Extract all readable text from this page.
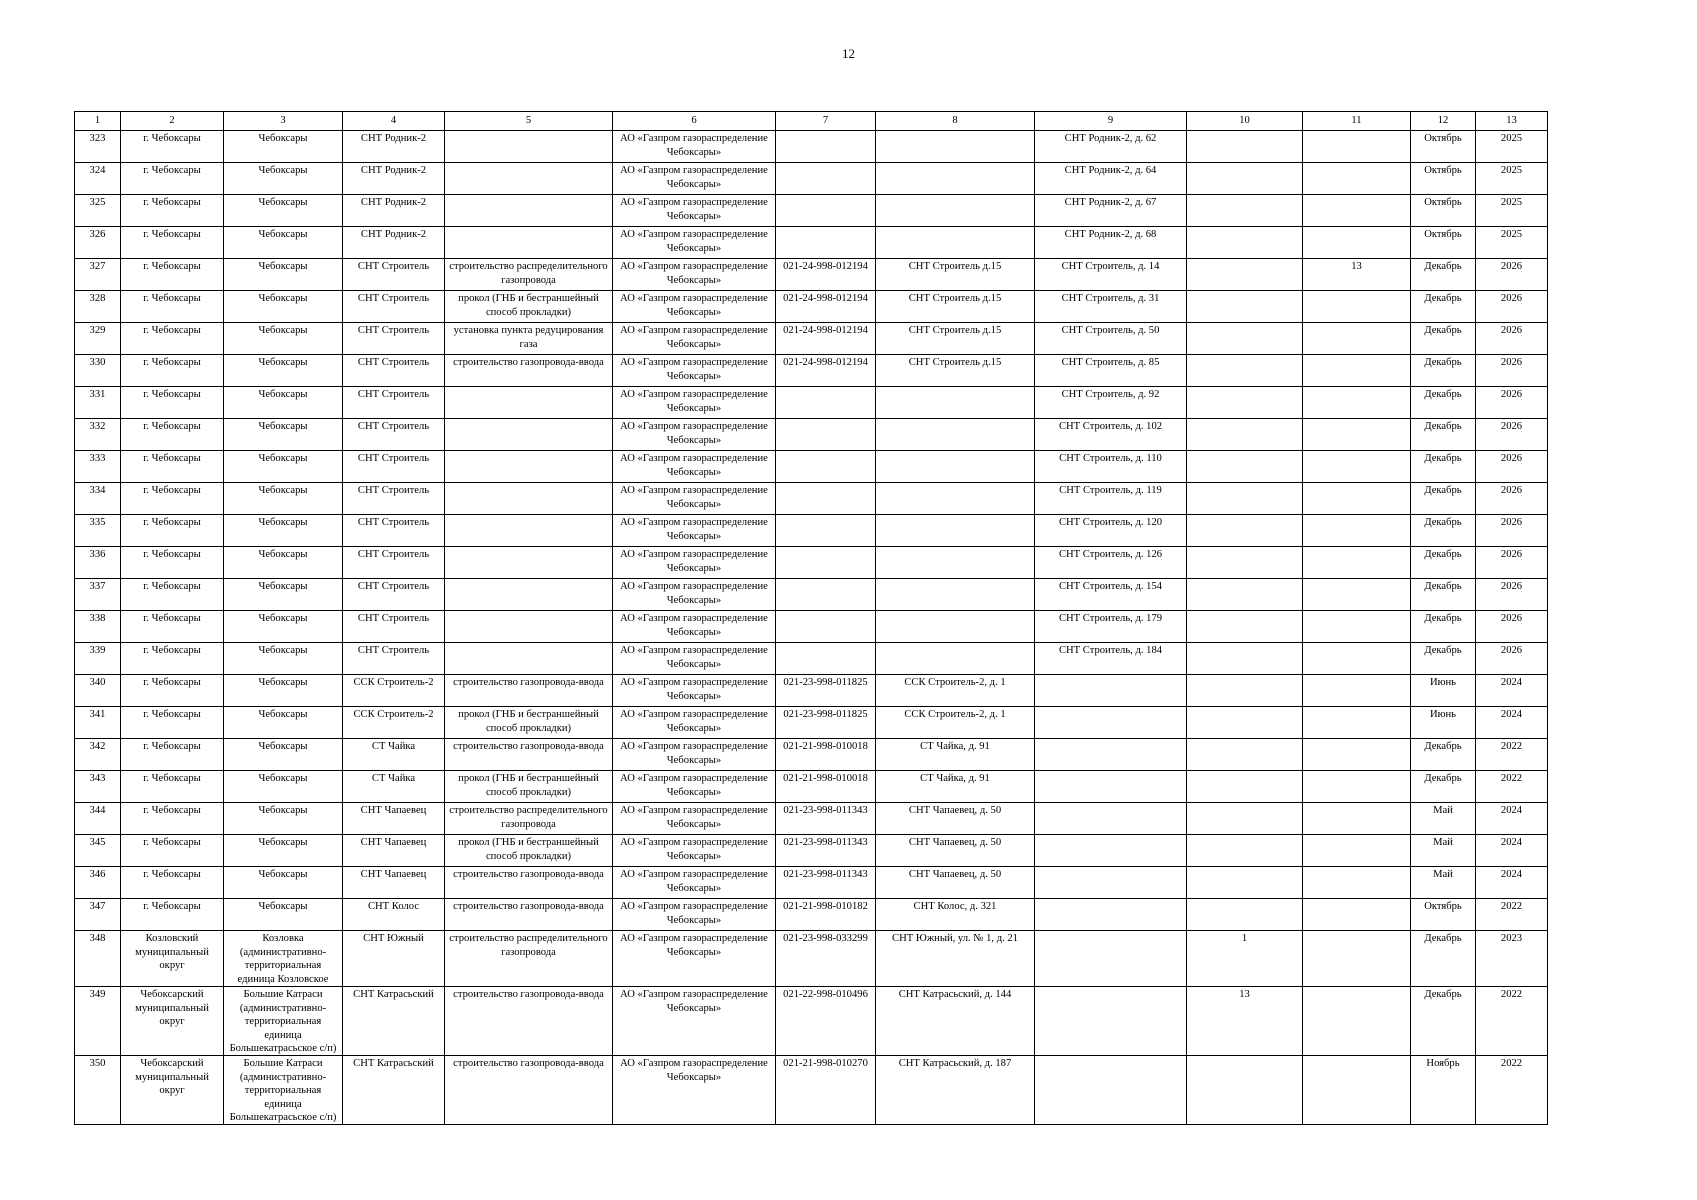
12
1	2	3	4	5	6	7	8	9	10	11	12	13

323	г. Чебоксары	Чебоксары	СНТ Родник-2		АО «Газпром газораспределение Чебоксары»			СНТ Родник-2, д. 62			Октябрь	2025

324	г. Чебоксары	Чебоксары	СНТ Родник-2		АО «Газпром газораспределение Чебоксары»			СНТ Родник-2, д. 64			Октябрь	2025

325	г. Чебоксары	Чебоксары	СНТ Родник-2		АО «Газпром газораспределение Чебоксары»			СНТ Родник-2, д. 67			Октябрь	2025

326	г. Чебоксары	Чебоксары	СНТ Родник-2		АО «Газпром газораспределение Чебоксары»			СНТ Родник-2, д. 68			Октябрь	2025

327	г. Чебоксары	Чебоксары	СНТ Строитель	строительство распределительного газопровода	АО «Газпром газораспределение Чебоксары»	021-24-998-012194	СНТ Строитель д.15	СНТ Строитель, д. 14		13	Декабрь	2026

328	г. Чебоксары	Чебоксары	СНТ Строитель	прокол (ГНБ и бестраншейный способ прокладки)	АО «Газпром газораспределение Чебоксары»	021-24-998-012194	СНТ Строитель д.15	СНТ Строитель, д. 31			Декабрь	2026

329	г. Чебоксары	Чебоксары	СНТ Строитель	установка пункта редуцирования газа	АО «Газпром газораспределение Чебоксары»	021-24-998-012194	СНТ Строитель д.15	СНТ Строитель, д. 50			Декабрь	2026

330	г. Чебоксары	Чебоксары	СНТ Строитель	строительство газопровода-ввода	АО «Газпром газораспределение Чебоксары»	021-24-998-012194	СНТ Строитель д.15	СНТ Строитель, д. 85			Декабрь	2026

331	г. Чебоксары	Чебоксары	СНТ Строитель		АО «Газпром газораспределение Чебоксары»			СНТ Строитель, д. 92			Декабрь	2026

332	г. Чебоксары	Чебоксары	СНТ Строитель		АО «Газпром газораспределение Чебоксары»			СНТ Строитель, д. 102			Декабрь	2026

333	г. Чебоксары	Чебоксары	СНТ Строитель		АО «Газпром газораспределение Чебоксары»			СНТ Строитель, д. 110			Декабрь	2026

334	г. Чебоксары	Чебоксары	СНТ Строитель		АО «Газпром газораспределение Чебоксары»			СНТ Строитель, д. 119			Декабрь	2026

335	г. Чебоксары	Чебоксары	СНТ Строитель		АО «Газпром газораспределение Чебоксары»			СНТ Строитель, д. 120			Декабрь	2026

336	г. Чебоксары	Чебоксары	СНТ Строитель		АО «Газпром газораспределение Чебоксары»			СНТ Строитель, д. 126			Декабрь	2026

337	г. Чебоксары	Чебоксары	СНТ Строитель		АО «Газпром газораспределение Чебоксары»			СНТ Строитель, д. 154			Декабрь	2026

338	г. Чебоксары	Чебоксары	СНТ Строитель		АО «Газпром газораспределение Чебоксары»			СНТ Строитель, д. 179			Декабрь	2026

339	г. Чебоксары	Чебоксары	СНТ Строитель		АО «Газпром газораспределение Чебоксары»			СНТ Строитель, д. 184			Декабрь	2026

340	г. Чебоксары	Чебоксары	ССК Строитель-2	строительство газопровода-ввода	АО «Газпром газораспределение Чебоксары»	021-23-998-011825	ССК Строитель-2, д. 1				Июнь	2024

341	г. Чебоксары	Чебоксары	ССК Строитель-2	прокол (ГНБ и бестраншейный способ прокладки)	АО «Газпром газораспределение Чебоксары»	021-23-998-011825	ССК Строитель-2, д. 1				Июнь	2024

342	г. Чебоксары	Чебоксары	СТ Чайка	строительство газопровода-ввода	АО «Газпром газораспределение Чебоксары»	021-21-998-010018	СТ Чайка, д. 91				Декабрь	2022

343	г. Чебоксары	Чебоксары	СТ Чайка	прокол (ГНБ и бестраншейный способ прокладки)	АО «Газпром газораспределение Чебоксары»	021-21-998-010018	СТ Чайка, д. 91				Декабрь	2022

344	г. Чебоксары	Чебоксары	СНТ Чапаевец	строительство распределительного газопровода	АО «Газпром газораспределение Чебоксары»	021-23-998-011343	СНТ Чапаевец, д. 50				Май	2024

345	г. Чебоксары	Чебоксары	СНТ Чапаевец	прокол (ГНБ и бестраншейный способ прокладки)	АО «Газпром газораспределение Чебоксары»	021-23-998-011343	СНТ Чапаевец, д. 50				Май	2024

346	г. Чебоксары	Чебоксары	СНТ Чапаевец	строительство газопровода-ввода	АО «Газпром газораспределение Чебоксары»	021-23-998-011343	СНТ Чапаевец, д. 50				Май	2024

347	г. Чебоксары	Чебоксары	СНТ Колос	строительство газопровода-ввода	АО «Газпром газораспределение Чебоксары»	021-21-998-010182	СНТ Колос, д. 321				Октябрь	2022

348	Козловский муниципальный округ	Козловка (административно-территориальная единица Козловское	СНТ Южный	строительство распределительного газопровода	АО «Газпром газораспределение Чебоксары»	021-23-998-033299	СНТ Южный, ул. № 1, д. 21		1		Декабрь	2023

349	Чебоксарский муниципальный округ	Большие Катраси (административно-территориальная единица Большекатрасьское с/п)	СНТ Катрасьский	строительство газопровода-ввода	АО «Газпром газораспределение Чебоксары»	021-22-998-010496	СНТ Катрасьский, д. 144		13		Декабрь	2022

350	Чебоксарский муниципальный округ	Большие Катраси (административно-территориальная единица Большекатрасьское с/п)	СНТ Катрасьский	строительство газопровода-ввода	АО «Газпром газораспределение Чебоксары»	021-21-998-010270	СНТ Катрасьский, д. 187				Ноябрь	2022
